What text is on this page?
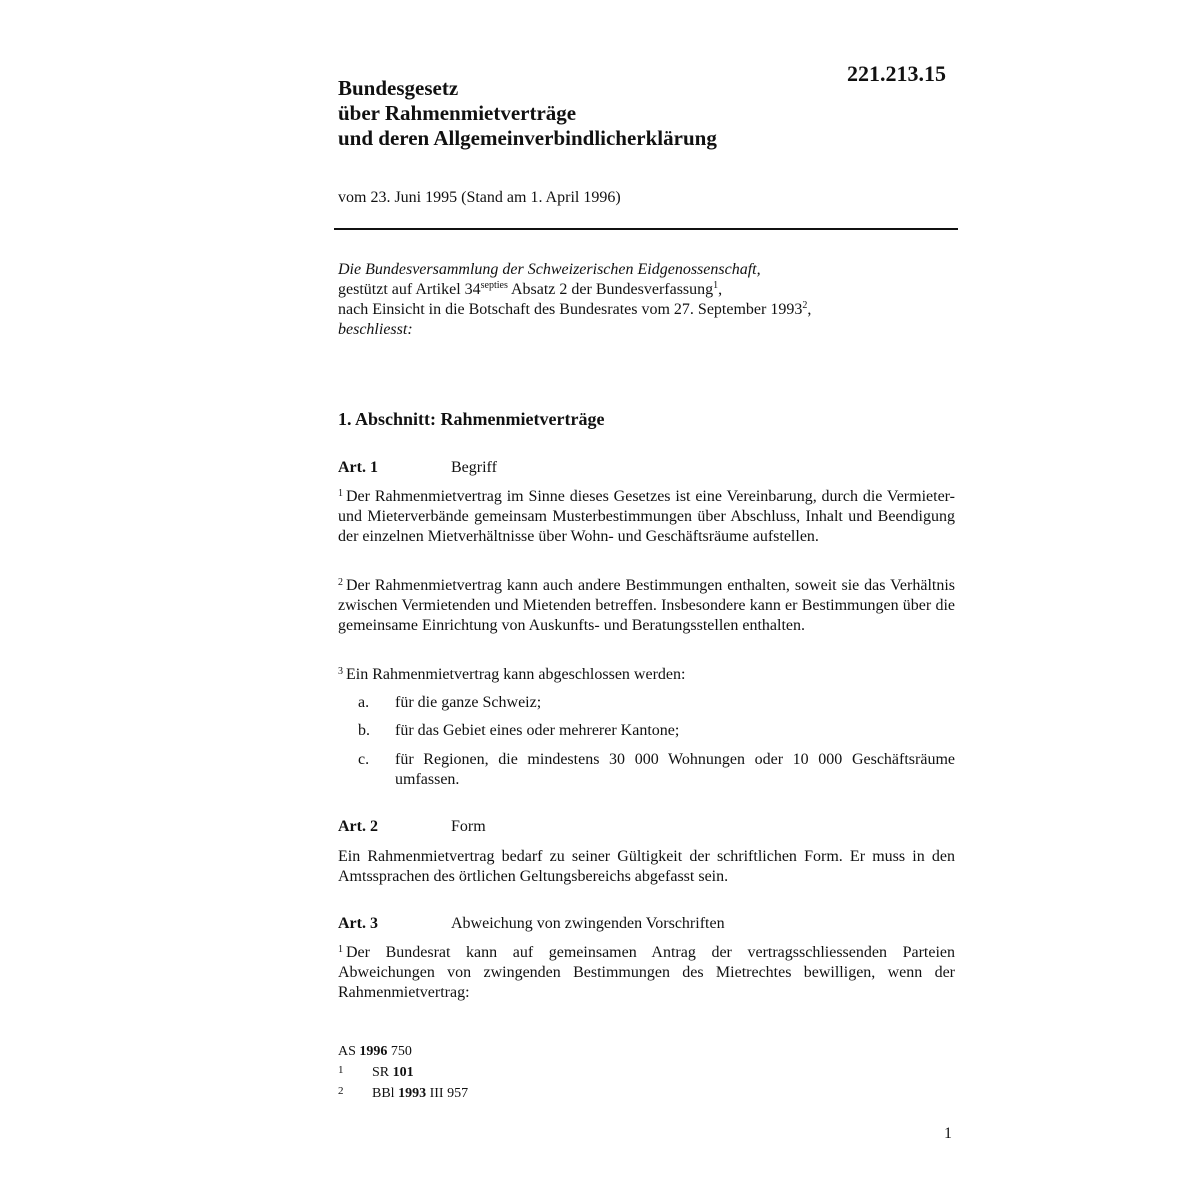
221.213.15
Bundesgesetz
über Rahmenmietverträge
und deren Allgemeinverbindlicherklärung
vom 23. Juni 1995 (Stand am 1. April 1996)
Die Bundesversammlung der Schweizerischen Eidgenossenschaft,
gestützt auf Artikel $34^{septies}$ Absatz 2 der Bundesverfassung$^1$,
nach Einsicht in die Botschaft des Bundesrates vom 27. September 1993$^2$,
beschliesst:
1. Abschnitt: Rahmenmietverträge
Art. 1	Begriff
$^1$ Der Rahmenmietvertrag im Sinne dieses Gesetzes ist eine Vereinbarung, durch die Vermieter- und Mieterverbände gemeinsam Musterbestimmungen über Abschluss, Inhalt und Beendigung der einzelnen Mietverhältnisse über Wohn- und Geschäftsräume aufstellen.
$^2$ Der Rahmenmietvertrag kann auch andere Bestimmungen enthalten, soweit sie das Verhältnis zwischen Vermietenden und Mietenden betreffen. Insbesondere kann er Bestimmungen über die gemeinsame Einrichtung von Auskunfts- und Beratungsstellen enthalten.
$^3$ Ein Rahmenmietvertrag kann abgeschlossen werden:
a. für die ganze Schweiz;
b. für das Gebiet eines oder mehrerer Kantone;
c. für Regionen, die mindestens 30 000 Wohnungen oder 10 000 Geschäftsräume umfassen.
Art. 2	Form
Ein Rahmenmietvertrag bedarf zu seiner Gültigkeit der schriftlichen Form. Er muss in den Amtssprachen des örtlichen Geltungsbereichs abgefasst sein.
Art. 3	Abweichung von zwingenden Vorschriften
$^1$ Der Bundesrat kann auf gemeinsamen Antrag der vertragsschliessenden Parteien Abweichungen von zwingenden Bestimmungen des Mietrechtes bewilligen, wenn der Rahmenmietvertrag:
AS 1996 750
1 SR 101
2 BBl 1993 III 957
1
